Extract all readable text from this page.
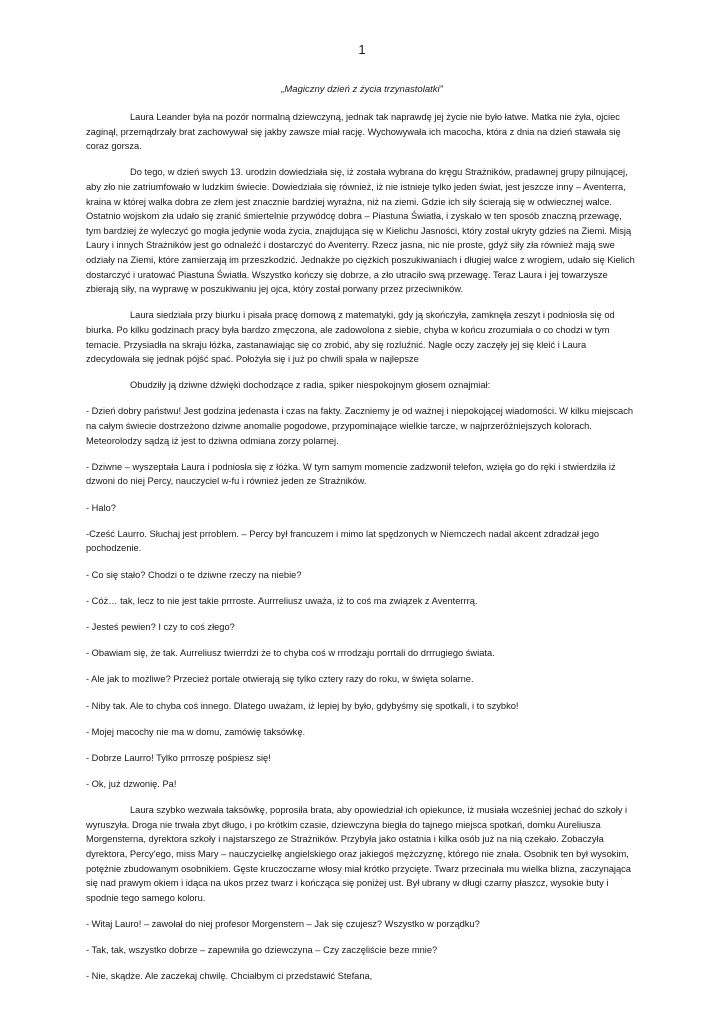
1
„Magiczny dzień z życia trzynastolatki”

Laura Leander była na pozór normalną dziewczyną, jednak tak naprawdę jej życie nie było łatwe. Matka nie żyła, ojciec zaginął, przemądrzały brat zachowywał się jakby zawsze miał rację. Wychowywała ich macocha, która z dnia na dzień stawała się coraz gorsza.

Do tego, w dzień swych 13. urodzin dowiedziała się, iż została wybrana do kręgu Strażników, pradawnej grupy pilnującej, aby zło nie zatriumfowało w ludzkim świecie. Dowiedziała się również, iż nie istnieje tylko jeden świat, jest jeszcze inny – Aventerra, kraina w której walka dobra ze złem jest znacznie bardziej wyraźna, niż na ziemi. Gdzie ich siły ścierają się w odwiecznej walce. Ostatnio wojskom zła udało się zranić śmiertelnie przywódcę dobra – Piastuna Światła, i zyskało w ten sposób znaczną przewagę, tym bardziej że wyleczyć go mogła jedynie woda życia, znajdująca się w Kielichu Jasności, który został ukryty gdzieś na Ziemi. Misją Laury i innych Strażników jest go odnaleźć i dostarczyć do Aventerry. Rzecz jasna, nic nie proste, gdyż siły zła również mają swe odziały na Ziemi, które zamierzają im przeszkodzić. Jednakże po ciężkich poszukiwaniach i długiej walce z wrogiem, udało się Kielich dostarczyć i uratować Piastuna Światła. Wszystko kończy się dobrze, a zło utraciło swą przewagę. Teraz Laura i jej towarzysze zbierają siły, na wyprawę w poszukiwaniu jej ojca, który został porwany przez przeciwników.

Laura siedziała przy biurku i pisała pracę domową z matematyki, gdy ją skończyła, zamknęła zeszyt i podniosła się od biurka. Po kilku godzinach pracy była bardzo zmęczona, ale zadowolona z siebie, chyba w końcu zrozumiała o co chodzi w tym temacie. Przysiadła na skraju łóżka, zastanawiając się co zrobić, aby się rozluźnić. Nagle oczy zaczęły jej się kleić i Laura zdecydowała się jednak pójść spać. Położyła się i już po chwili spała w najlepsze

Obudziły ją dziwne dźwięki dochodzące z radia, spiker niespokojnym głosem oznajmiał:

- Dzień dobry państwu! Jest godzina jedenasta i czas na fakty. Zaczniemy je od ważnej i niepokojącej wiadomości. W kilku miejscach na całym świecie dostrzeżono dziwne anomalie pogodowe, przypominające wielkie tarcze, w najprzeróżniejszych kolorach. Meteorolodzy sądzą iż jest to dziwna odmiana zorzy polarnej.

- Dziwne – wyszeptała Laura i podniosła się z łóżka. W tym samym momencie zadzwonił telefon, wzięła go do ręki i stwierdziła iż dzwoni do niej Percy, nauczyciel w-fu i również jeden ze Strażników.

- Halo?

-Cześć Laurro. Słuchaj jest prroblem. – Percy był francuzem i mimo lat spędzonych w Niemczech nadal akcent zdradzał jego pochodzenie.

- Co się stało? Chodzi o te dziwne rzeczy na niebie?

- Cóż… tak, lecz to nie jest takie prrroste. Aurrreliusz uważa, iż to coś ma związek z Aventerrrą.

- Jesteś pewien? I czy to coś złego?

- Obawiam się, że tak. Aurreliusz twierrdzi że to chyba coś w rrrodzaju porrtali do drrrugiego świata.

- Ale jak to możliwe? Przecież portale otwierają się tylko cztery razy do roku, w święta solarne.

- Niby tak. Ale to chyba coś innego. Dlatego uważam, iż lepiej by było, gdybyśmy się spotkali, i to szybko!

- Mojej macochy nie ma w domu, zamówię taksówkę.

- Dobrze Laurro! Tylko prrroszę pośpiesz się!

- Ok, już dzwonię. Pa!

Laura szybko wezwała taksówkę, poprosiła brata, aby opowiedział ich opiekunce, iż musiała wcześniej jechać do szkoły i wyruszyła. Droga nie trwała zbyt długo, i po krótkim czasie, dziewczyna biegła do tajnego miejsca spotkań, domku Aureliusza Morgensterna, dyrektora szkoły i najstarszego ze Strażników. Przybyła jako ostatnia i kilka osób już na nią czekało. Zobaczyła dyrektora, Percy'ego, miss Mary – nauczycielkę angielskiego oraz jakiegoś mężczyznę, którego nie znała. Osobnik ten był wysokim, potężnie zbudowanym osobnikiem. Gęste kruczoczarne włosy miał krótko przycięte. Twarz przecinała mu wielka blizna, zaczynająca się nad prawym okiem i idąca na ukos przez twarz i kończąca się poniżej ust. Był ubrany w długi czarny płaszcz, wysokie buty i spodnie tego samego koloru.

- Witaj Lauro! – zawołał do niej profesor Morgenstern – Jak się czujesz? Wszystko w porządku?

- Tak, tak, wszystko dobrze – zapewniła go dziewczyna – Czy zaczęliście beze mnie?

- Nie, skądże. Ale zaczekaj chwilę. Chciałbym ci przedstawić Stefana,
